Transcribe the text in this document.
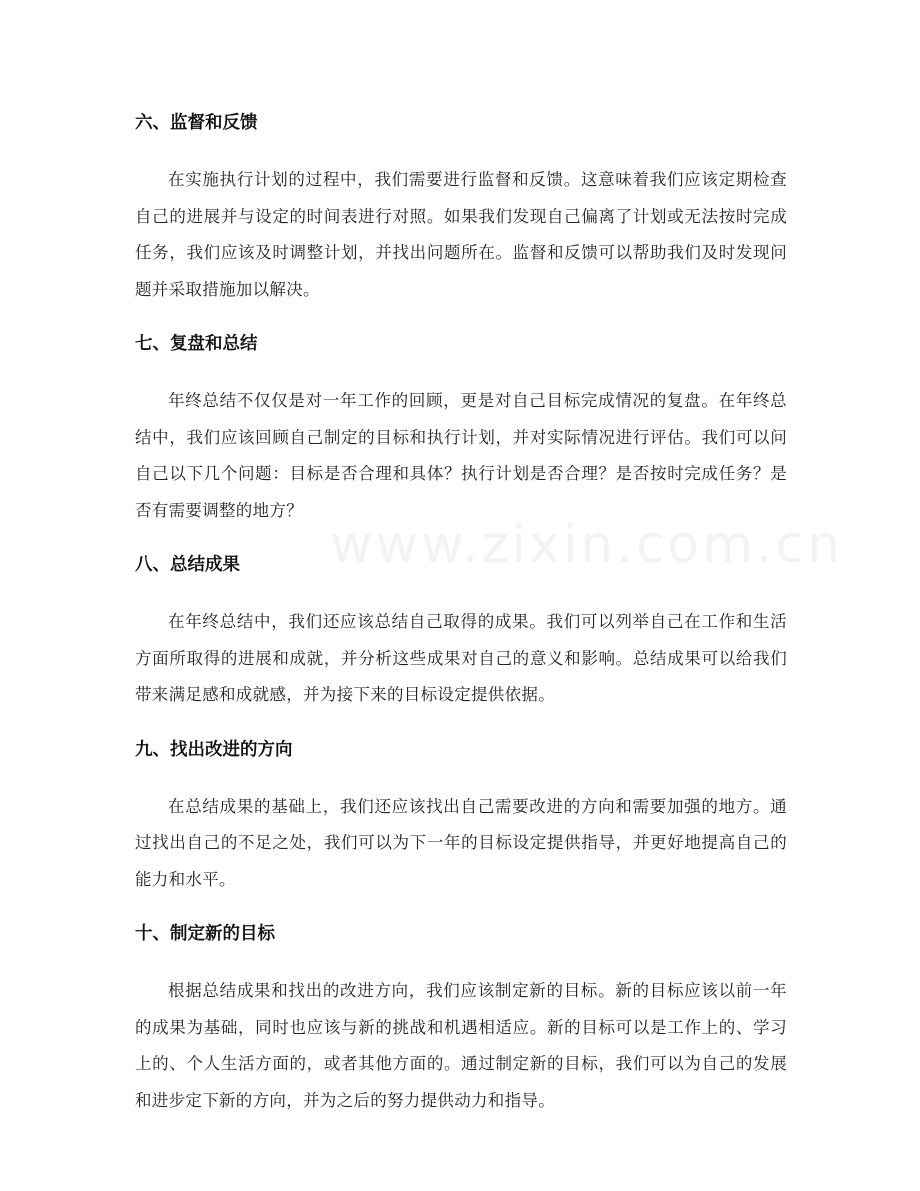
www.zixin.com.cn
六、监督和反馈

在实施执行计划的过程中，我们需要进行监督和反馈。这意味着我们应该定期检查自己的进展并与设定的时间表进行对照。如果我们发现自己偏离了计划或无法按时完成任务，我们应该及时调整计划，并找出问题所在。监督和反馈可以帮助我们及时发现问题并采取措施加以解决。

七、复盘和总结

年终总结不仅仅是对一年工作的回顾，更是对自己目标完成情况的复盘。在年终总结中，我们应该回顾自己制定的目标和执行计划，并对实际情况进行评估。我们可以问自己以下几个问题：目标是否合理和具体？执行计划是否合理？是否按时完成任务？是否有需要调整的地方？

八、总结成果

在年终总结中，我们还应该总结自己取得的成果。我们可以列举自己在工作和生活方面所取得的进展和成就，并分析这些成果对自己的意义和影响。总结成果可以给我们带来满足感和成就感，并为接下来的目标设定提供依据。

九、找出改进的方向

在总结成果的基础上，我们还应该找出自己需要改进的方向和需要加强的地方。通过找出自己的不足之处，我们可以为下一年的目标设定提供指导，并更好地提高自己的能力和水平。

十、制定新的目标

根据总结成果和找出的改进方向，我们应该制定新的目标。新的目标应该以前一年的成果为基础，同时也应该与新的挑战和机遇相适应。新的目标可以是工作上的、学习上的、个人生活方面的，或者其他方面的。通过制定新的目标，我们可以为自己的发展和进步定下新的方向，并为之后的努力提供动力和指导。
